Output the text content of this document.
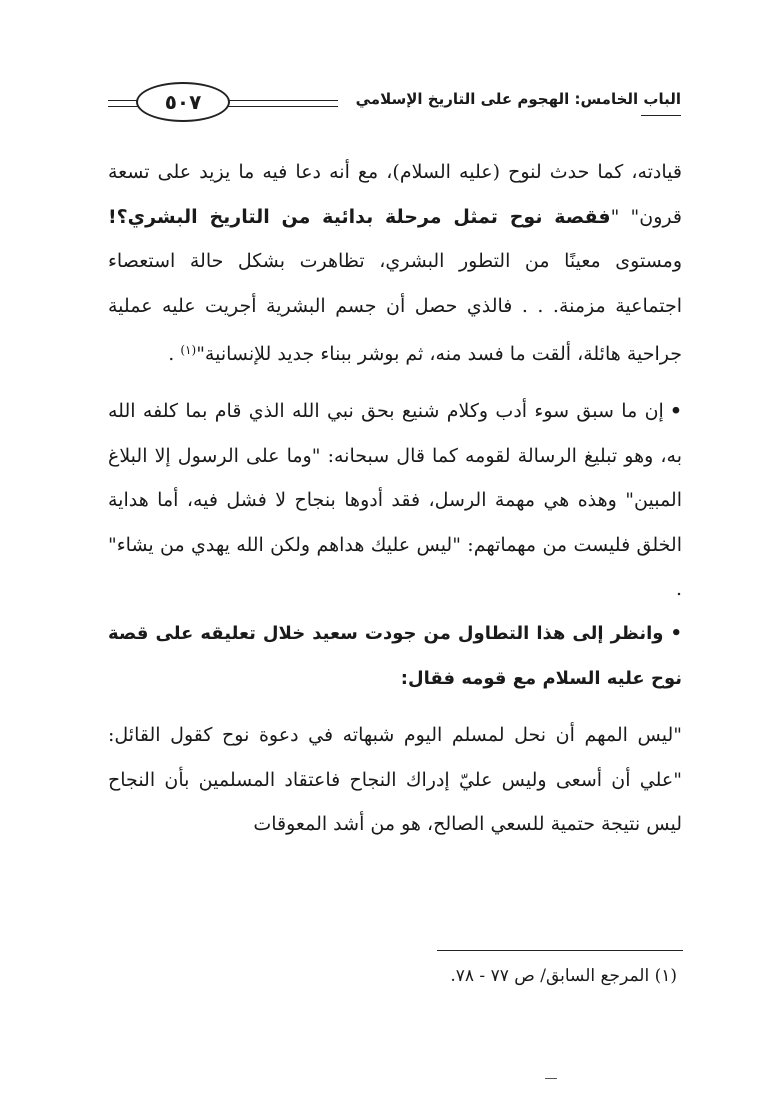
الباب الخامس: الهجوم على التاريخ الإسلامي
٥٠٧

قيادته، كما حدث لنوح (عليه السلام)، مع أنه دعا فيه ما يزيد على تسعة قرون" "فقصة نوح تمثل مرحلة بدائية من التاريخ البشري؟! ومستوى معينًا من التطور البشري، تظاهرت بشكل حالة استعصاء اجتماعية مزمنة. . . فالذي حصل أن جسم البشرية أجريت عليه عملية جراحية هائلة، ألقت ما فسد منه، ثم بوشر ببناء جديد للإنسانية"$^{(١)}$ .

•إن ما سبق سوء أدب وكلام شنيع بحق نبي الله الذي قام بما كلفه الله به، وهو تبليغ الرسالة لقومه كما قال سبحانه: "وما على الرسول إلا البلاغ المبين" وهذه هي مهمة الرسل، فقد أدوها بنجاح لا فشل فيه، أما هداية الخلق فليست من مهماتهم: "ليس عليك هداهم ولكن الله يهدي من يشاء" .

• وانظر إلى هذا التطاول من جودت سعيد خلال تعليقه على قصة نوح عليه السلام مع قومه فقال:

"ليس المهم أن نحل لمسلم اليوم شبهاته في دعوة نوح كقول القائل: "علي أن أسعى وليس عليّ إدراك النجاح فاعتقاد المسلمين بأن النجاح ليس نتيجة حتمية للسعي الصالح، هو من أشد المعوقات

(١) المرجع السابق/ ص ٧٧ - ٧٨.
